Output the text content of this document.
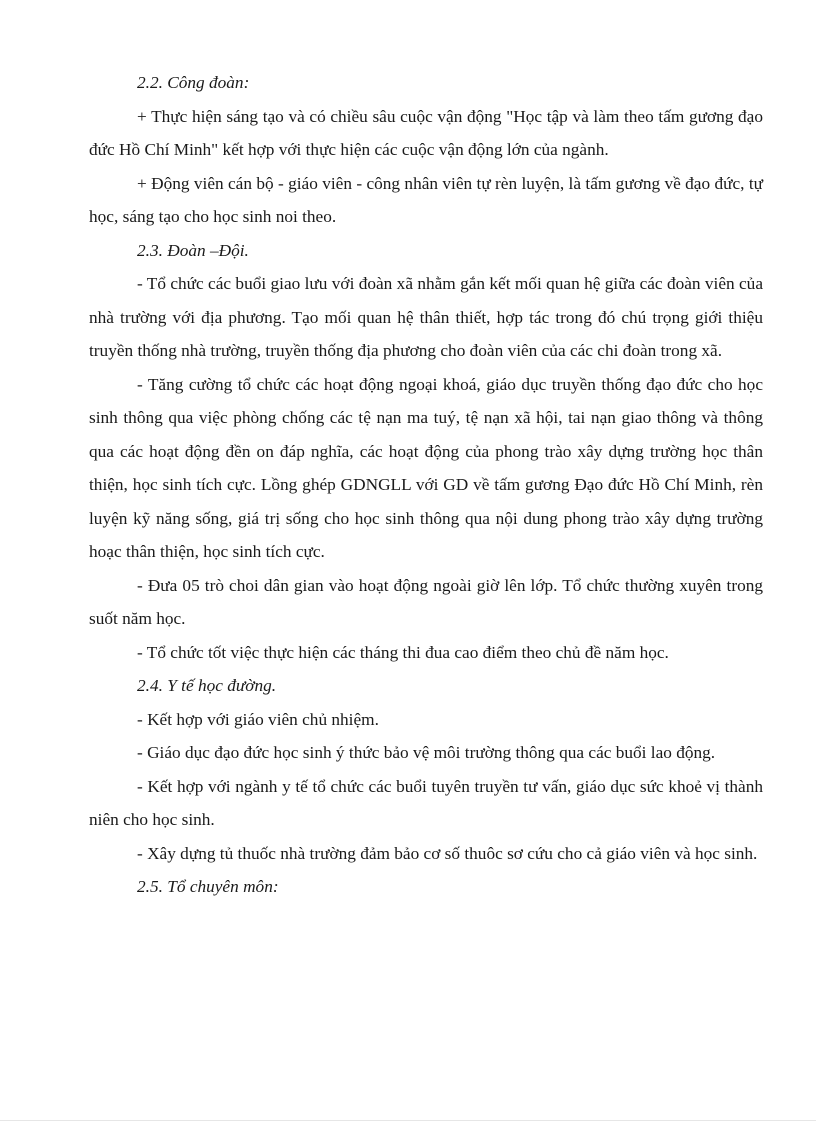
2.2. Công đoàn:

+ Thực hiện sáng tạo và có chiều sâu cuộc vận động "Học tập và làm theo tấm gương đạo đức Hồ Chí Minh" kết hợp với thực hiện các cuộc vận động lớn của ngành.

+ Động viên cán bộ - giáo viên - công nhân viên tự rèn luyện, là tấm gương về đạo đức, tự học, sáng tạo cho học sinh noi theo.

2.3. Đoàn –Đội.

- Tổ chức các buổi giao lưu với đoàn xã nhằm gắn kết mối quan hệ giữa các đoàn viên của nhà trường với địa phương. Tạo mối quan hệ thân thiết, hợp tác trong đó chú trọng giới thiệu truyền thống nhà trường, truyền thống địa phương cho đoàn viên của các chi đoàn trong xã.

- Tăng cường tổ chức các hoạt động ngoại khoá, giáo dục truyền thống đạo đức cho học sinh thông qua việc phòng chống các tệ nạn ma tuý, tệ nạn xã hội, tai nạn giao thông và thông qua các hoạt động đền on đáp nghĩa, các hoạt động của phong trào xây dựng trường học thân thiện, học sinh tích cực. Lồng ghép GDNGLL với GD về tấm gương Đạo đức Hồ Chí Minh, rèn luyện kỹ năng sống, giá trị sống cho học sinh thông qua nội dung phong trào xây dựng trường hoạc thân thiện, học sinh tích cực.

- Đưa 05 trò choi dân gian vào hoạt động ngoài giờ lên lớp. Tổ chức thường xuyên trong suốt năm học.

- Tổ chức tốt việc thực hiện các tháng thi đua cao điểm theo chủ đề năm học.

2.4. Y tế học đường.

- Kết hợp với giáo viên chủ nhiệm.

- Giáo dục đạo đức học sinh ý thức bảo vệ môi trường thông qua các buổi lao động.

- Kết hợp với ngành y tế tổ chức các buổi tuyên truyền tư vấn, giáo dục sức khoẻ vị thành niên cho học sinh.

- Xây dựng tủ thuốc nhà trường đảm bảo cơ số thuôc sơ cứu cho cả giáo viên và học sinh.

2.5. Tổ chuyên môn:
